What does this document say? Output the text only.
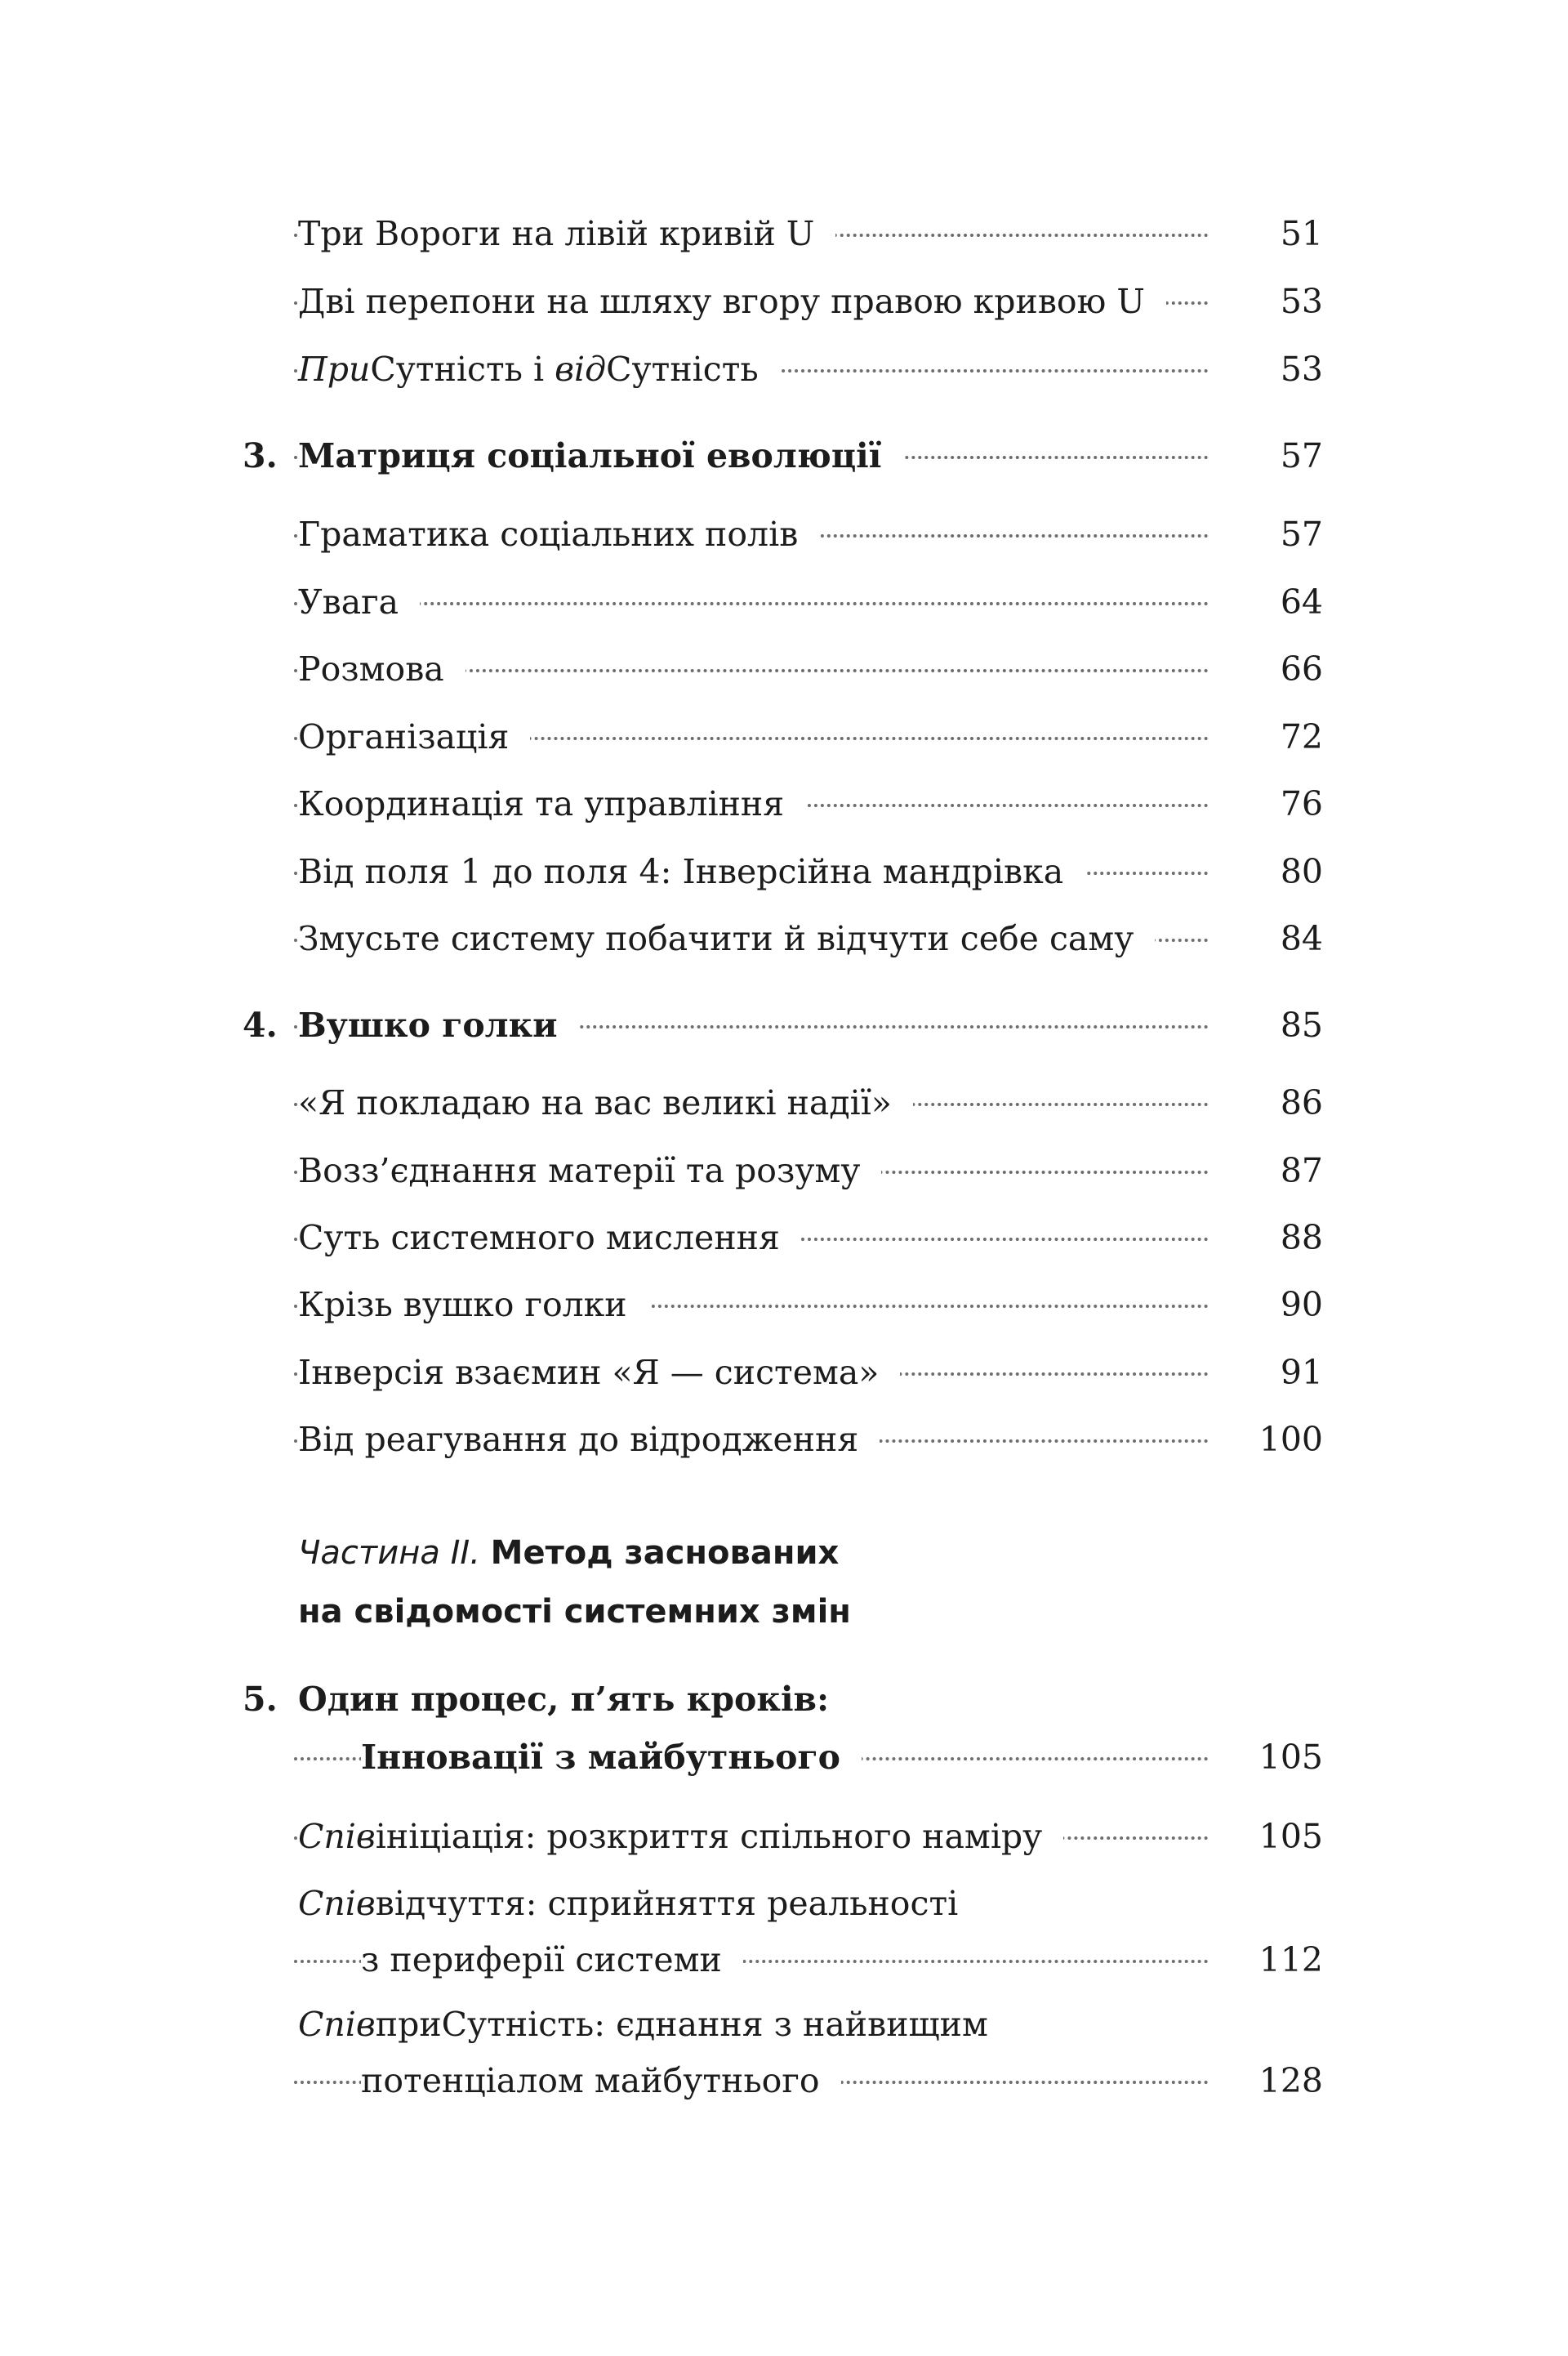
Три Вороги на лівій кривій U	51
Дві перепони на шляху вгору правою кривою U	53
ПриСутність і відСутність	53
3. Матриця соціальної еволюції	57
Граматика соціальних полів	57
Увага	64
Розмова	66
Організація	72
Координація та управління	76
Від поля 1 до поля 4: Інверсійна мандрівка	80
Змусьте систему побачити й відчути себе саму	84
4. Вушко голки	85
«Я покладаю на вас великі надії»	86
Возз’єднання матерії та розуму	87
Суть системного мислення	88
Крізь вушко голки	90
Інверсія взаємин «Я — система»	91
Від реагування до відродження	100
Частина ІІ. Метод заснованих
на свідомості системних змін
5. Один процес, п’ять кроків:
Інновації з майбутнього	105
Співініціація: розкриття спільного наміру	105
Співвідчуття: сприйняття реальності
з периферії системи	112
СпівприСутність: єднання з найвищим
потенціалом майбутнього	128
